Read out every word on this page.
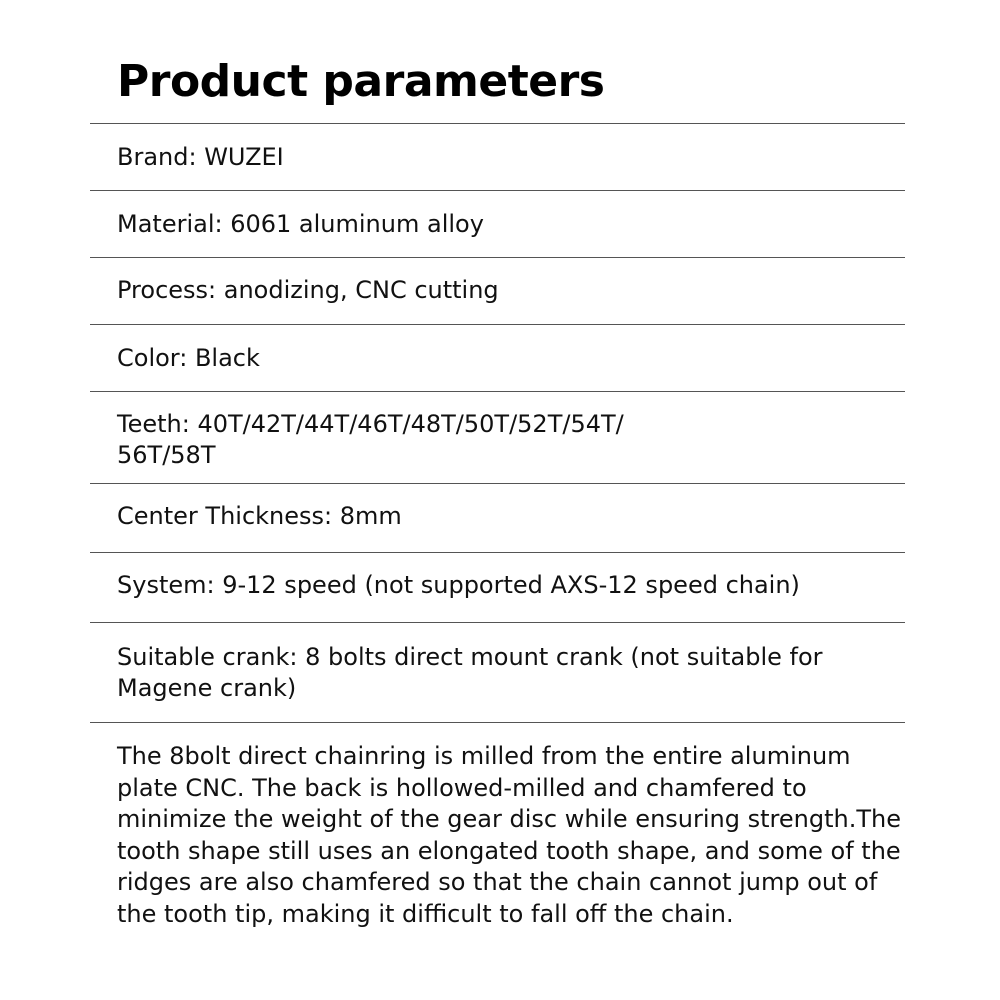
Product parameters

Brand: WUZEI

Material: 6061 aluminum alloy

Process: anodizing, CNC cutting

Color: Black

Teeth: 40T/42T/44T/46T/48T/50T/52T/54T/
56T/58T

Center Thickness: 8mm

System: 9-12 speed (not supported AXS-12 speed chain)

Suitable crank: 8 bolts direct mount crank (not suitable for
Magene crank)

The 8bolt direct chainring is milled from the entire aluminum plate CNC. The back is hollowed-milled and chamfered to minimize the weight of the gear disc while ensuring strength.The tooth shape still uses an elongated tooth shape, and some of the ridges are also chamfered so that the chain cannot jump out of the tooth tip, making it difficult to fall off the chain.
